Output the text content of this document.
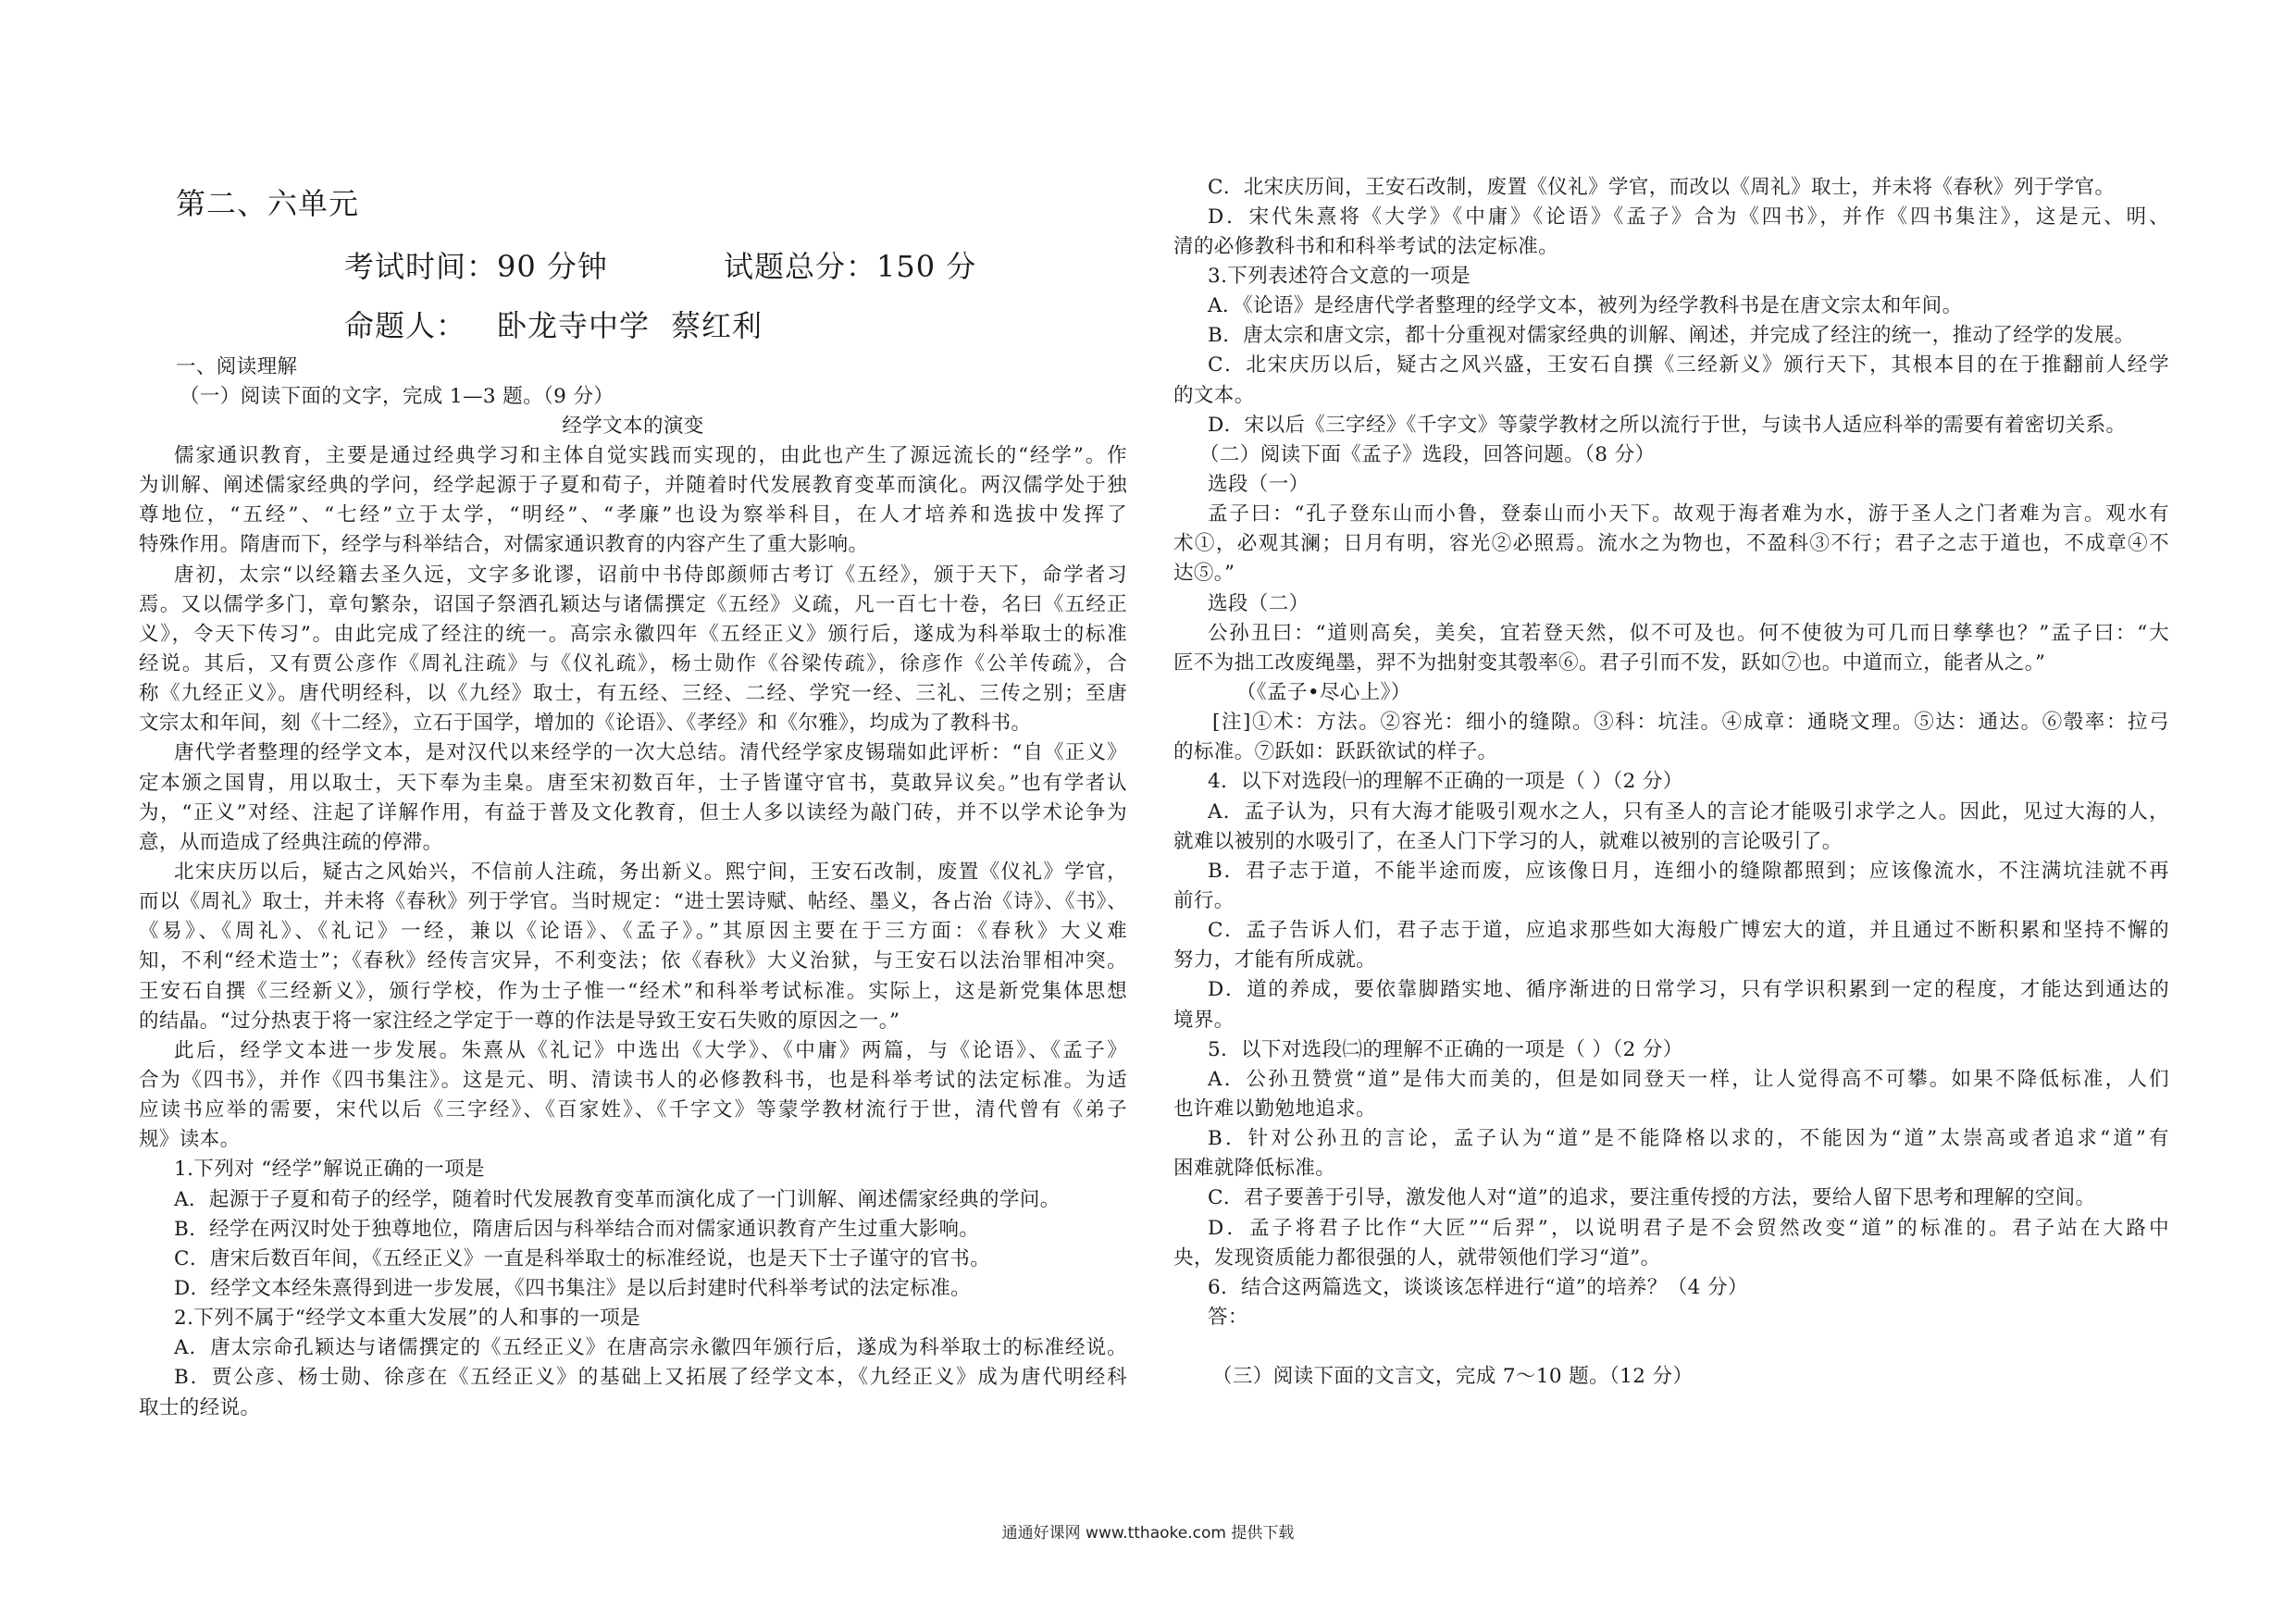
第二、六单元
考试时间：90 分钟	试题总分：150 分
命题人：	卧龙寺中学 蔡红利
一、阅读理解
（一）阅读下面的文字，完成 1—3 题。（9 分）
经学文本的演变
儒家通识教育，主要是通过经典学习和主体自觉实践而实现的，由此也产生了源远流长的“经学”。作
为训解、阐述儒家经典的学问，经学起源于子夏和荀子，并随着时代发展教育变革而演化。两汉儒学处于独
尊地位，“五经”、“七经”立于太学，“明经”、“孝廉”也设为察举科目，在人才培养和选拔中发挥了
特殊作用。隋唐而下，经学与科举结合，对儒家通识教育的内容产生了重大影响。
唐初，太宗“以经籍去圣久远，文字多讹谬，诏前中书侍郎颜师古考订《五经》，颁于天下，命学者习
焉。又以儒学多门，章句繁杂，诏国子祭酒孔颖达与诸儒撰定《五经》义疏，凡一百七十卷，名曰《五经正
义》，令天下传习”。由此完成了经注的统一。高宗永徽四年《五经正义》颁行后，遂成为科举取士的标准
经说。其后，又有贾公彦作《周礼注疏》与《仪礼疏》，杨士勋作《谷梁传疏》，徐彦作《公羊传疏》，合
称《九经正义》。唐代明经科，以《九经》取士，有五经、三经、二经、学究一经、三礼、三传之别；至唐
文宗太和年间，刻《十二经》，立石于国学，增加的《论语》、《孝经》和《尔雅》，均成为了教科书。
唐代学者整理的经学文本，是对汉代以来经学的一次大总结。清代经学家皮锡瑞如此评析：“自《正义》
定本颁之国胄，用以取士，天下奉为圭臬。唐至宋初数百年，士子皆谨守官书，莫敢异议矣。”也有学者认
为，“正义”对经、注起了详解作用，有益于普及文化教育，但士人多以读经为敲门砖，并不以学术论争为
意，从而造成了经典注疏的停滞。
北宋庆历以后，疑古之风始兴，不信前人注疏，务出新义。熙宁间，王安石改制，废置《仪礼》学官，
而以《周礼》取士，并未将《春秋》列于学官。当时规定：“进士罢诗赋、帖经、墨义，各占治《诗》、《书》、
《易》、《周礼》、《礼记》一经，兼以《论语》、《孟子》。”其原因主要在于三方面：《春秋》大义难
知，不利“经术造士”；《春秋》经传言灾异，不利变法；依《春秋》大义治狱，与王安石以法治罪相冲突。
王安石自撰《三经新义》，颁行学校，作为士子惟一“经术”和科举考试标准。实际上，这是新党集体思想
的结晶。“过分热衷于将一家注经之学定于一尊的作法是导致王安石失败的原因之一。”
此后，经学文本进一步发展。朱熹从《礼记》中选出《大学》、《中庸》两篇，与《论语》、《孟子》
合为《四书》，并作《四书集注》。这是元、明、清读书人的必修教科书，也是科举考试的法定标准。为适
应读书应举的需要，宋代以后《三字经》、《百家姓》、《千字文》等蒙学教材流行于世，清代曾有《弟子
规》读本。
1.下列对 “经学”解说正确的一项是
A．起源于子夏和荀子的经学，随着时代发展教育变革而演化成了一门训解、阐述儒家经典的学问。
B．经学在两汉时处于独尊地位，隋唐后因与科举结合而对儒家通识教育产生过重大影响。
C．唐宋后数百年间，《五经正义》一直是科举取士的标准经说，也是天下士子谨守的官书。
D．经学文本经朱熹得到进一步发展，《四书集注》是以后封建时代科举考试的法定标准。
2.下列不属于“经学文本重大发展”的人和事的一项是
A．唐太宗命孔颖达与诸儒撰定的《五经正义》在唐高宗永徽四年颁行后，遂成为科举取士的标准经说。
B．贾公彦、杨士勋、徐彦在《五经正义》的基础上又拓展了经学文本，《九经正义》成为唐代明经科
取士的经说。
C．北宋庆历间，王安石改制，废置《仪礼》学官，而改以《周礼》取士，并未将《春秋》列于学官。
D．宋代朱熹将《大学》《中庸》《论语》《孟子》合为《四书》，并作《四书集注》，这是元、明、
清的必修教科书和和科举考试的法定标准。
3.下列表述符合文意的一项是
A．《论语》是经唐代学者整理的经学文本，被列为经学教科书是在唐文宗太和年间。
B．唐太宗和唐文宗，都十分重视对儒家经典的训解、阐述，并完成了经注的统一，推动了经学的发展。
C．北宋庆历以后，疑古之风兴盛，王安石自撰《三经新义》颁行天下，其根本目的在于推翻前人经学
的文本。
D．宋以后《三字经》《千字文》等蒙学教材之所以流行于世，与读书人适应科举的需要有着密切关系。
（二）阅读下面《孟子》选段，回答问题。（8 分）
选段（一）
孟子曰：“孔子登东山而小鲁，登泰山而小天下。故观于海者难为水，游于圣人之门者难为言。观水有
术①，必观其澜；日月有明，容光②必照焉。流水之为物也，不盈科③不行；君子之志于道也，不成章④不
达⑤。”
选段（二）
公孙丑曰：“道则高矣，美矣，宜若登天然，似不可及也。何不使彼为可几而日孳孳也？”孟子曰：“大
匠不为拙工改废绳墨，羿不为拙射变其彀率⑥。君子引而不发，跃如⑦也。中道而立，能者从之。”
（《孟子•尽心上》）
[注]①术：方法。②容光：细小的缝隙。③科：坑洼。④成章：通晓文理。⑤达：通达。⑥彀率：拉弓
的标准。⑦跃如：跃跃欲试的样子。
4．以下对选段㈠的理解不正确的一项是（ ）（2 分）
A．孟子认为，只有大海才能吸引观水之人，只有圣人的言论才能吸引求学之人。因此，见过大海的人，
就难以被别的水吸引了，在圣人门下学习的人，就难以被别的言论吸引了。
B．君子志于道，不能半途而废，应该像日月，连细小的缝隙都照到；应该像流水，不注满坑洼就不再
前行。
C．孟子告诉人们，君子志于道，应追求那些如大海般广博宏大的道，并且通过不断积累和坚持不懈的
努力，才能有所成就。
D．道的养成，要依靠脚踏实地、循序渐进的日常学习，只有学识积累到一定的程度，才能达到通达的
境界。
5．以下对选段㈡的理解不正确的一项是（ ）（2 分）
A．公孙丑赞赏“道”是伟大而美的，但是如同登天一样，让人觉得高不可攀。如果不降低标准，人们
也许难以勤勉地追求。
B．针对公孙丑的言论，孟子认为“道”是不能降格以求的，不能因为“道”太崇高或者追求“道”有
困难就降低标准。
C．君子要善于引导，激发他人对“道”的追求，要注重传授的方法，要给人留下思考和理解的空间。
D．孟子将君子比作“大匠”“后羿”，以说明君子是不会贸然改变“道”的标准的。君子站在大路中
央，发现资质能力都很强的人，就带领他们学习“道”。
6．结合这两篇选文，谈谈该怎样进行“道”的培养？（4 分）
答：
（三）阅读下面的文言文，完成 7～10 题。（12 分）
通通好课网 www.tthaoke.com 提供下载
